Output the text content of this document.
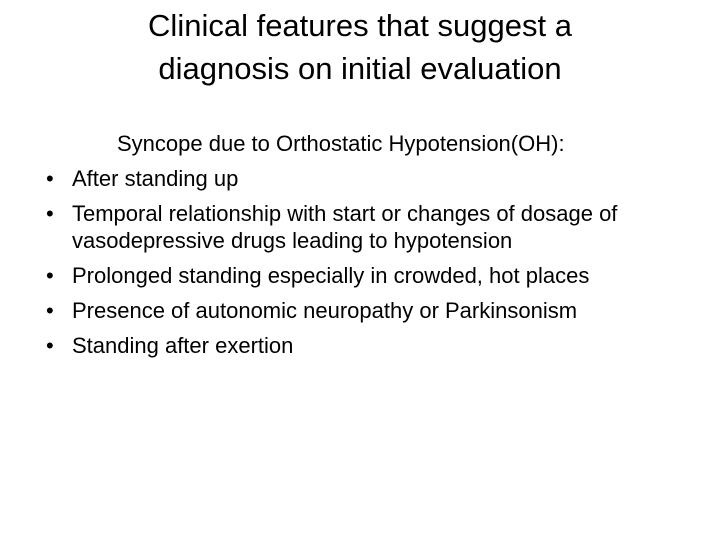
Clinical features that suggest a
diagnosis on initial evaluation
Syncope due to Orthostatic Hypotension(OH):
• After standing up
• Temporal relationship with start or changes of dosage of vasodepressive drugs leading to hypotension
• Prolonged standing especially in crowded, hot places
• Presence of autonomic neuropathy or Parkinsonism
• Standing after exertion
